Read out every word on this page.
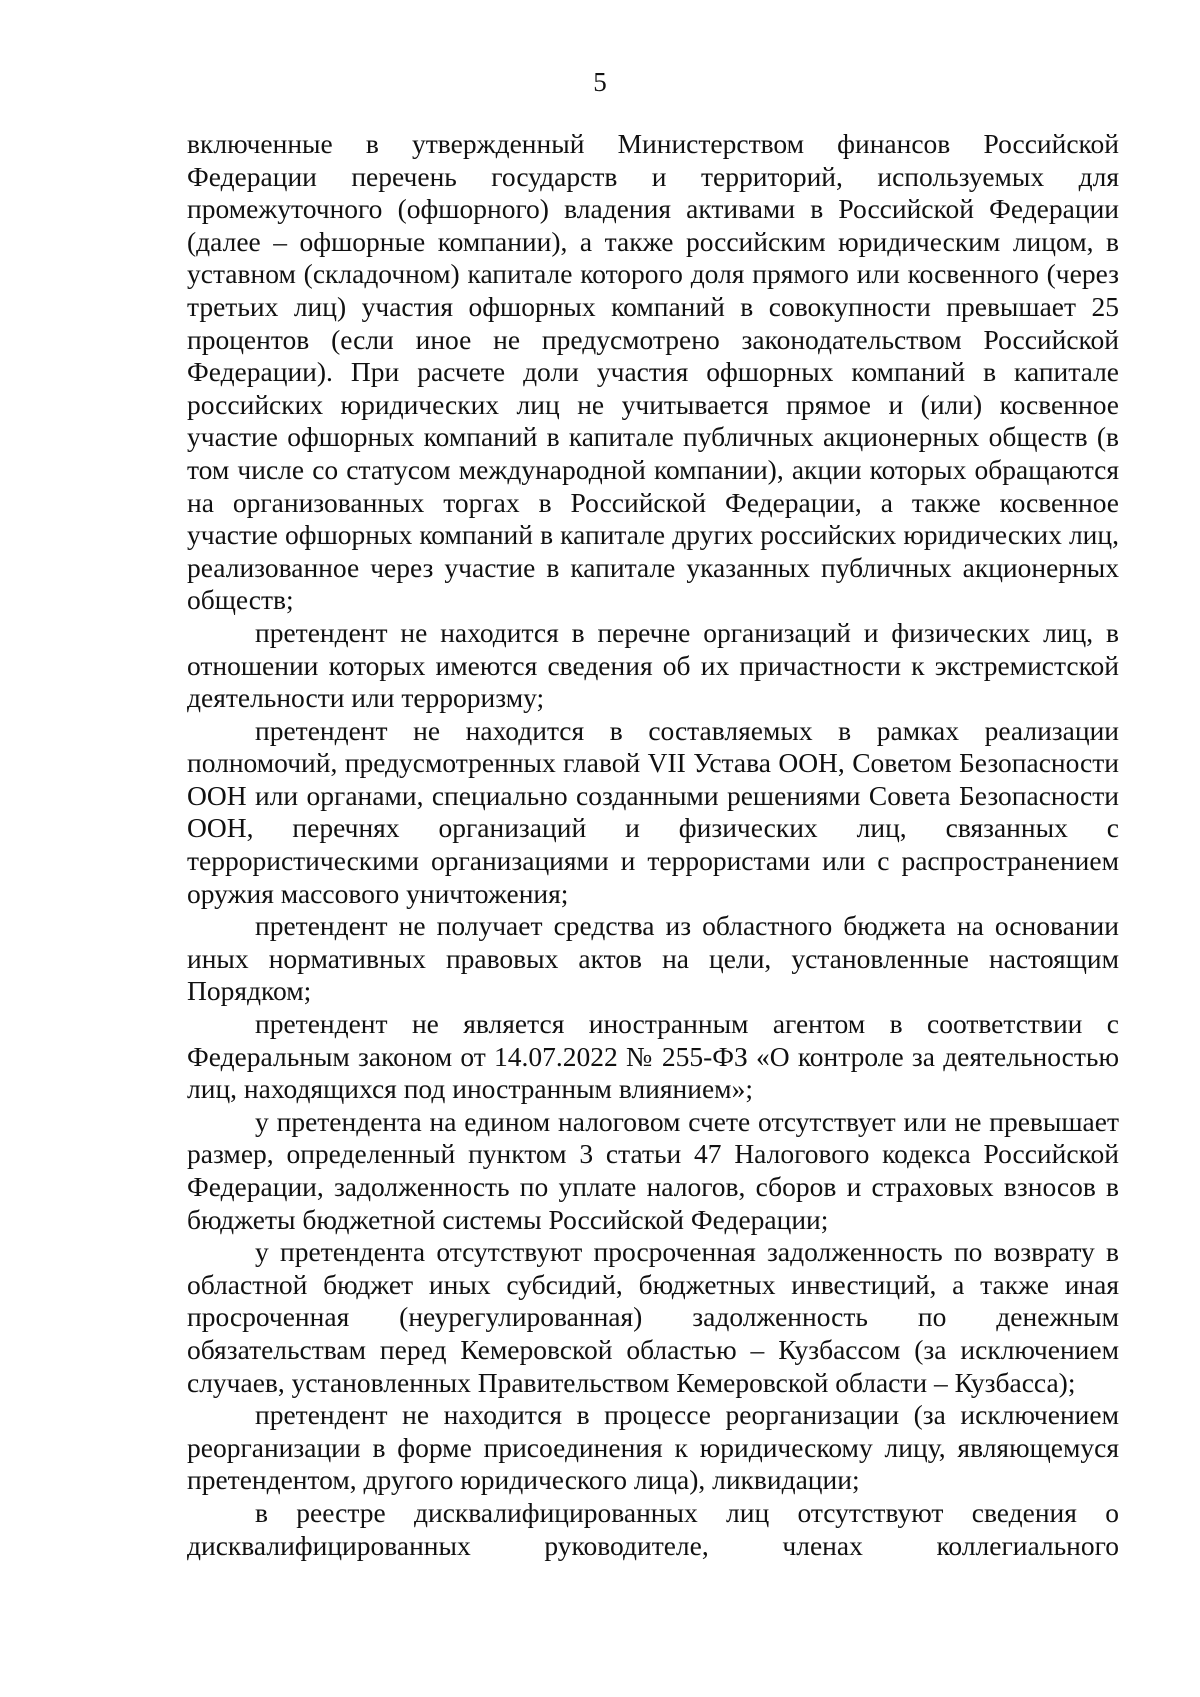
5

включенные в утвержденный Министерством финансов Российской Федерации перечень государств и территорий, используемых для промежуточного (офшорного) владения активами в Российской Федерации (далее – офшорные компании), а также российским юридическим лицом, в уставном (складочном) капитале которого доля прямого или косвенного (через третьих лиц) участия офшорных компаний в совокупности превышает 25 процентов (если иное не предусмотрено законодательством Российской Федерации). При расчете доли участия офшорных компаний в капитале российских юридических лиц не учитывается прямое и (или) косвенное участие офшорных компаний в капитале публичных акционерных обществ (в том числе со статусом международной компании), акции которых обращаются на организованных торгах в Российской Федерации, а также косвенное участие офшорных компаний в капитале других российских юридических лиц, реализованное через участие в капитале указанных публичных акционерных обществ;

претендент не находится в перечне организаций и физических лиц, в отношении которых имеются сведения об их причастности к экстремистской деятельности или терроризму;

претендент не находится в составляемых в рамках реализации полномочий, предусмотренных главой VII Устава ООН, Советом Безопасности ООН или органами, специально созданными решениями Совета Безопасности ООН, перечнях организаций и физических лиц, связанных с террористическими организациями и террористами или с распространением оружия массового уничтожения;

претендент не получает средства из областного бюджета на основании иных нормативных правовых актов на цели, установленные настоящим Порядком;

претендент не является иностранным агентом в соответствии с Федеральным законом от 14.07.2022 № 255-ФЗ «О контроле за деятельностью лиц, находящихся под иностранным влиянием»;

у претендента на едином налоговом счете отсутствует или не превышает размер, определенный пунктом 3 статьи 47 Налогового кодекса Российской Федерации, задолженность по уплате налогов, сборов и страховых взносов в бюджеты бюджетной системы Российской Федерации;

у претендента отсутствуют просроченная задолженность по возврату в областной бюджет иных субсидий, бюджетных инвестиций, а также иная просроченная (неурегулированная) задолженность по денежным обязательствам перед Кемеровской областью – Кузбассом (за исключением случаев, установленных Правительством Кемеровской области – Кузбасса);

претендент не находится в процессе реорганизации (за исключением реорганизации в форме присоединения к юридическому лицу, являющемуся претендентом, другого юридического лица), ликвидации;

в реестре дисквалифицированных лиц отсутствуют сведения о дисквалифицированных руководителе, членах коллегиального
